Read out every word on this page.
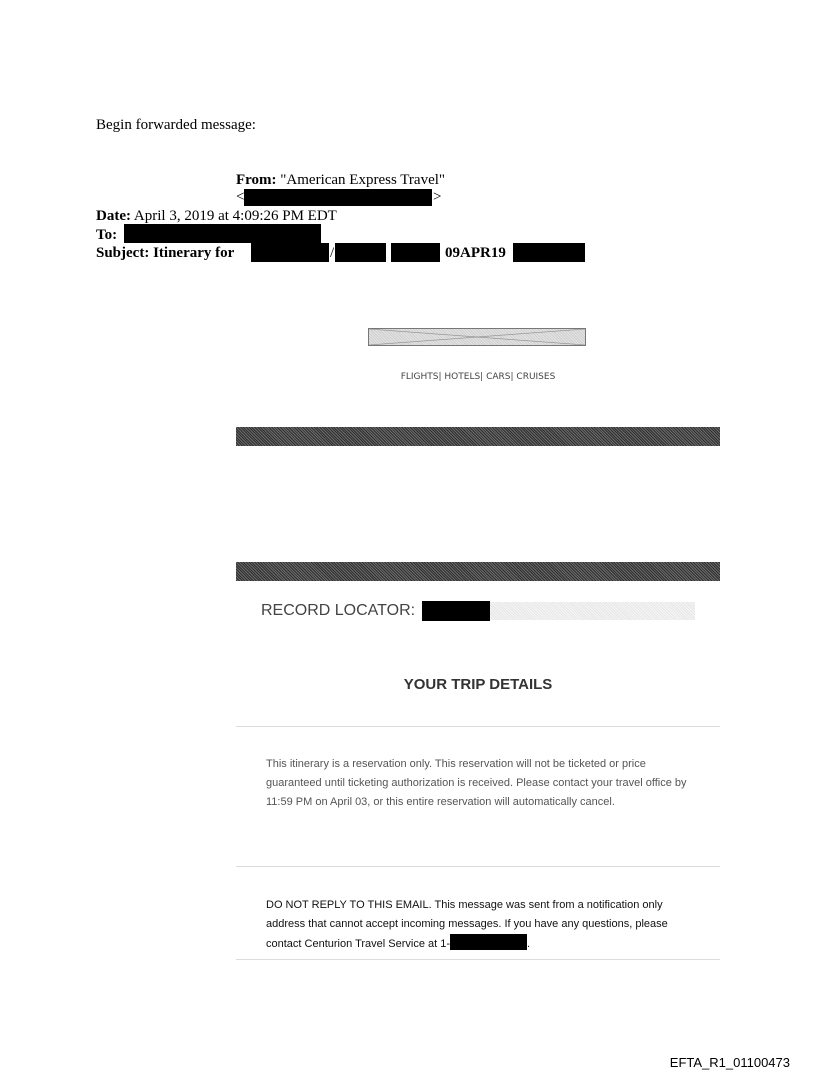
Begin forwarded message:
From: "American Express Travel"
<	>
Date: April 3, 2019 at 4:09:26 PM EDT
To:
Subject: Itinerary for	/	09APR19
FLIGHTS| HOTELS| CARS| CRUISES
RECORD LOCATOR:
YOUR TRIP DETAILS
This itinerary is a reservation only. This reservation will not be ticketed or price guaranteed until ticketing authorization is received. Please contact your travel office by 11:59 PM on April 03, or this entire reservation will automatically cancel.
DO NOT REPLY TO THIS EMAIL. This message was sent from a notification only address that cannot accept incoming messages. If you have any questions, please contact Centurion Travel Service at 1-	.
EFTA_R1_01100473
